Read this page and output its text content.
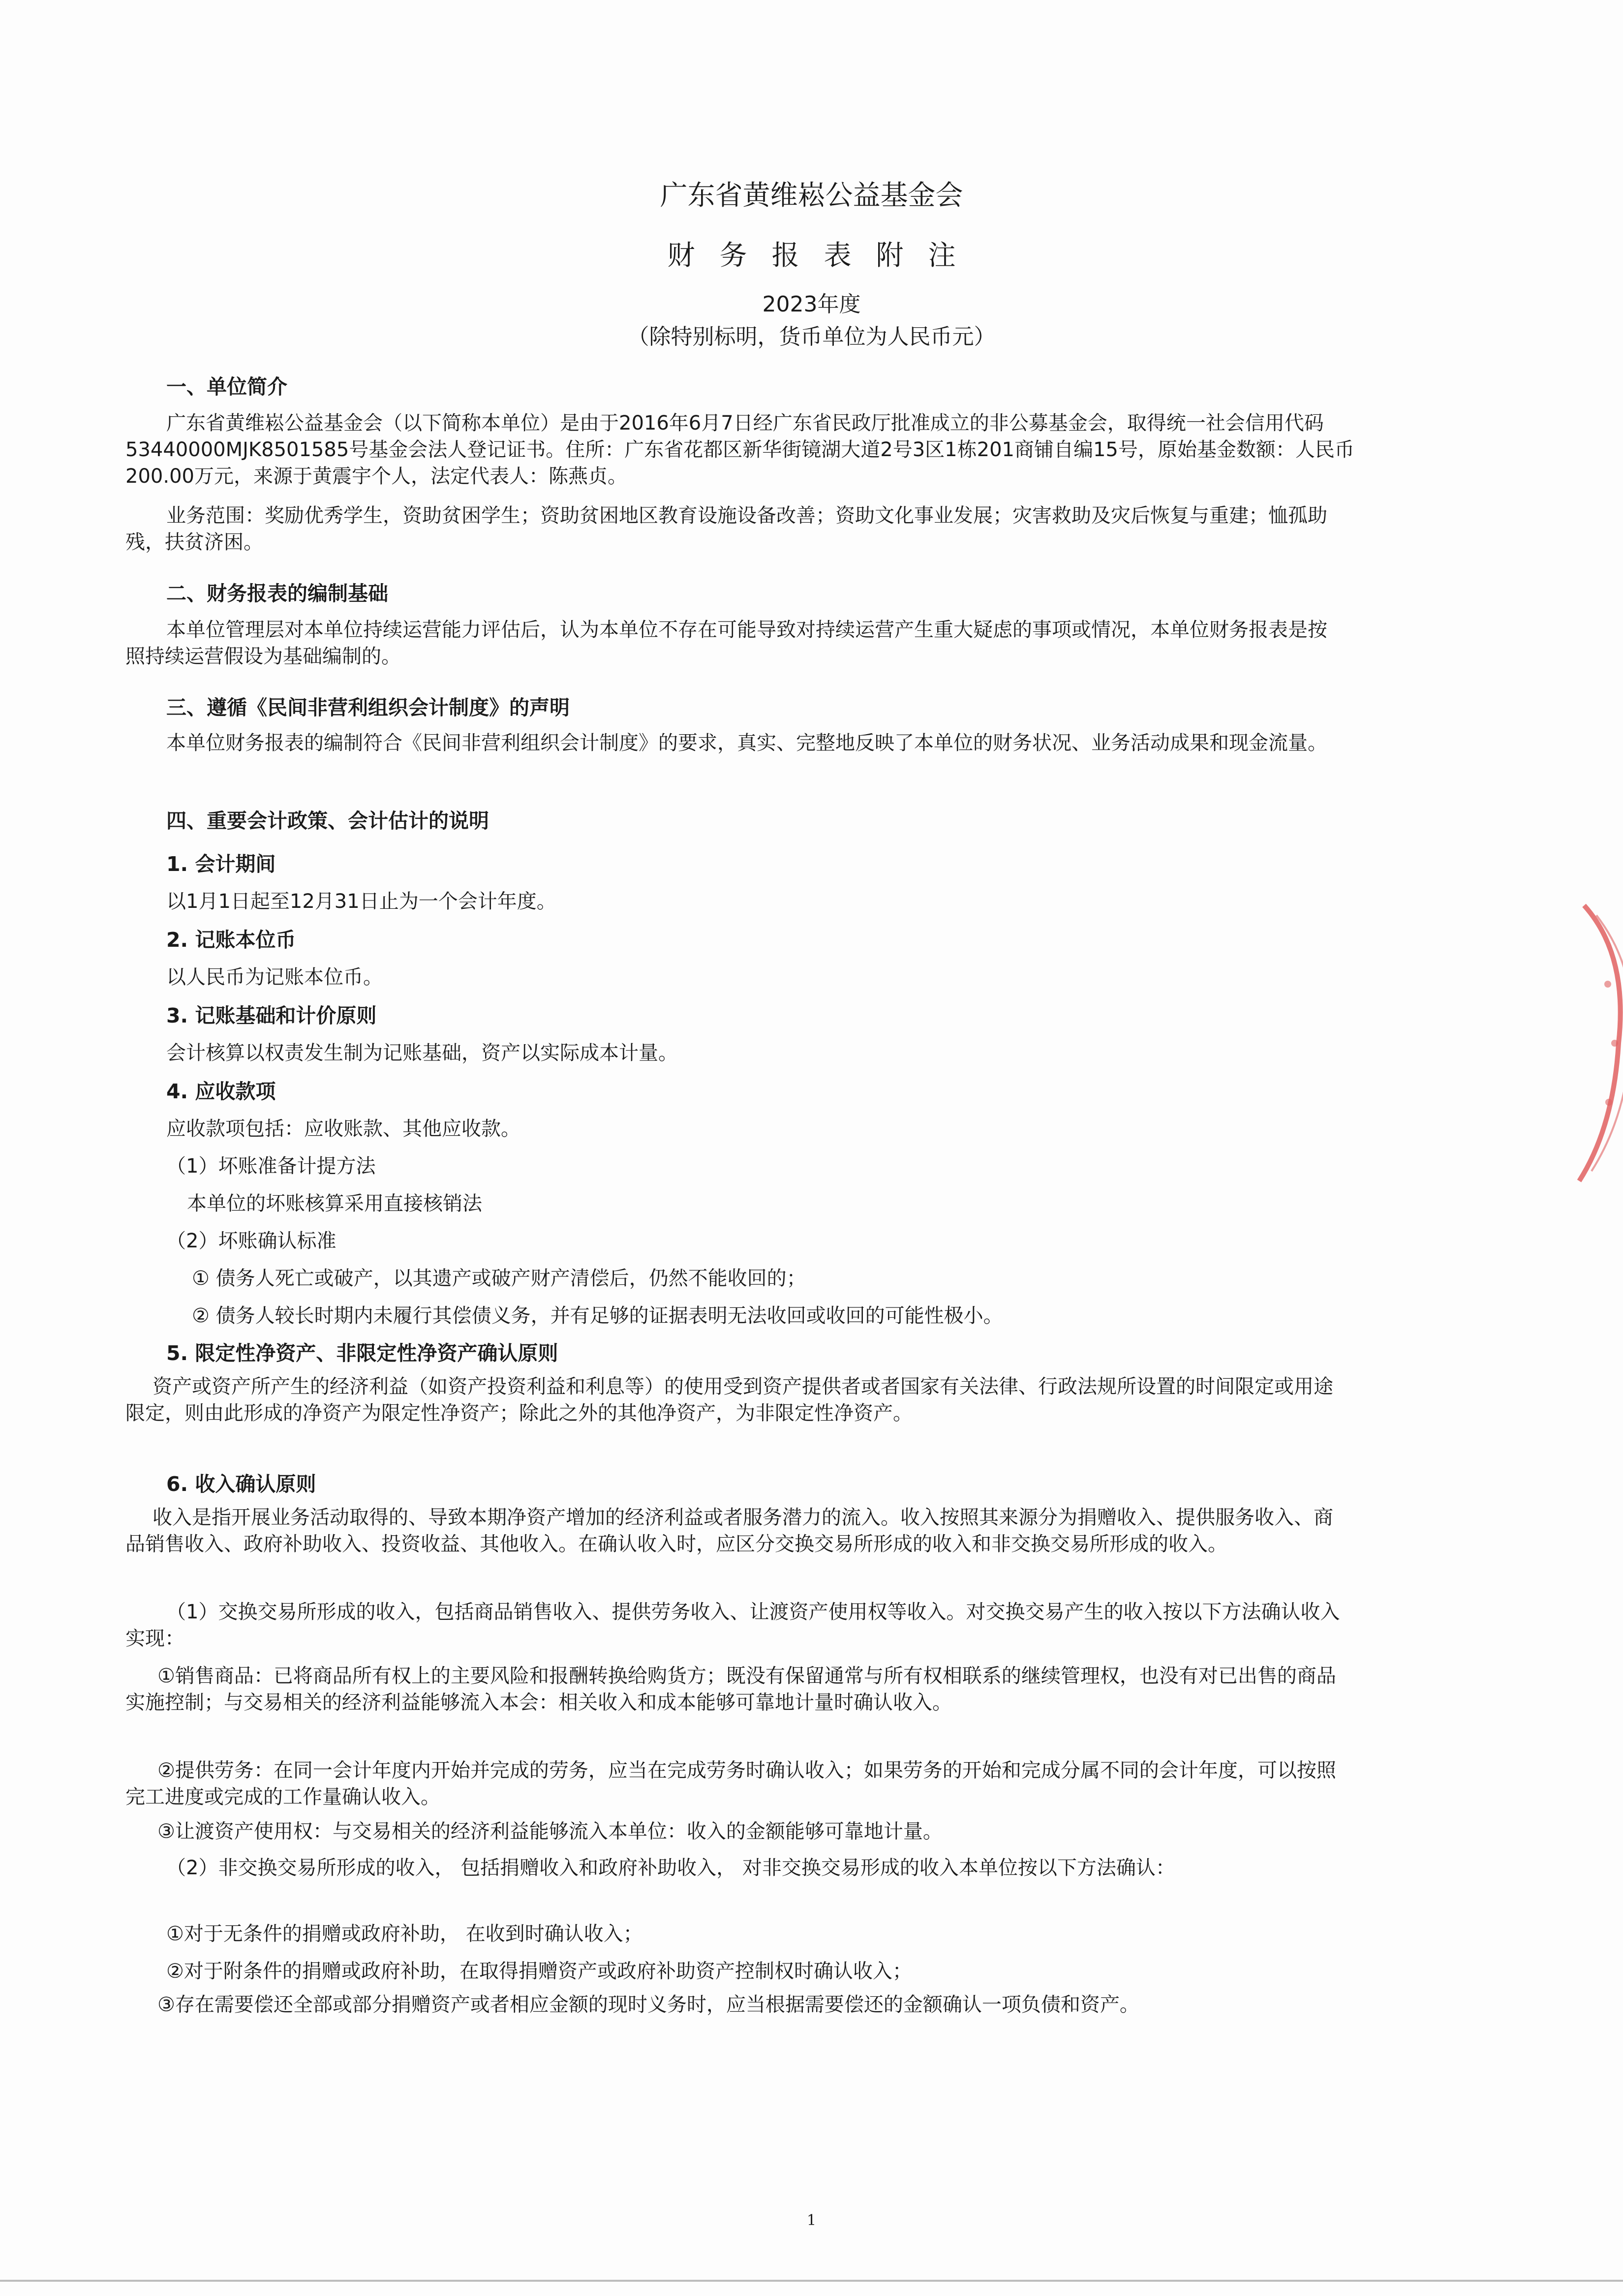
广东省黄维崧公益基金会
财务报表附注
2023年度
（除特别标明，货币单位为人民币元）
一、单位简介
广东省黄维崧公益基金会（以下简称本单位）是由于2016年6月7日经广东省民政厅批准成立的非公募基金会，取得统一社会信用代码
53440000MJK8501585号基金会法人登记证书。住所：广东省花都区新华街镜湖大道2号3区1栋201商铺自编15号，原始基金数额：人民币
200.00万元，来源于黄震宇个人，法定代表人：陈燕贞。
业务范围：奖励优秀学生，资助贫困学生；资助贫困地区教育设施设备改善；资助文化事业发展；灾害救助及灾后恢复与重建；恤孤助
残，扶贫济困。
二、财务报表的编制基础
本单位管理层对本单位持续运营能力评估后，认为本单位不存在可能导致对持续运营产生重大疑虑的事项或情况，本单位财务报表是按
照持续运营假设为基础编制的。
三、遵循《民间非营利组织会计制度》的声明
本单位财务报表的编制符合《民间非营利组织会计制度》的要求，真实、完整地反映了本单位的财务状况、业务活动成果和现金流量。
四、重要会计政策、会计估计的说明
1. 会计期间
以1月1日起至12月31日止为一个会计年度。
2. 记账本位币
以人民币为记账本位币。
3. 记账基础和计价原则
会计核算以权责发生制为记账基础，资产以实际成本计量。
4. 应收款项
应收款项包括：应收账款、其他应收款。
（1）坏账准备计提方法
本单位的坏账核算采用直接核销法
（2）坏账确认标准
① 债务人死亡或破产，以其遗产或破产财产清偿后，仍然不能收回的；
② 债务人较长时期内未履行其偿债义务，并有足够的证据表明无法收回或收回的可能性极小。
5. 限定性净资产、非限定性净资产确认原则
资产或资产所产生的经济利益（如资产投资利益和利息等）的使用受到资产提供者或者国家有关法律、行政法规所设置的时间限定或用途
限定，则由此形成的净资产为限定性净资产；除此之外的其他净资产，为非限定性净资产。
6. 收入确认原则
收入是指开展业务活动取得的、导致本期净资产增加的经济利益或者服务潜力的流入。收入按照其来源分为捐赠收入、提供服务收入、商
品销售收入、政府补助收入、投资收益、其他收入。在确认收入时，应区分交换交易所形成的收入和非交换交易所形成的收入。
（1）交换交易所形成的收入，包括商品销售收入、提供劳务收入、让渡资产使用权等收入。对交换交易产生的收入按以下方法确认收入
实现：
①销售商品：已将商品所有权上的主要风险和报酬转换给购货方；既没有保留通常与所有权相联系的继续管理权，也没有对已出售的商品
实施控制；与交易相关的经济利益能够流入本会：相关收入和成本能够可靠地计量时确认收入。
②提供劳务：在同一会计年度内开始并完成的劳务，应当在完成劳务时确认收入；如果劳务的开始和完成分属不同的会计年度，可以按照
完工进度或完成的工作量确认收入。
③让渡资产使用权：与交易相关的经济利益能够流入本单位：收入的金额能够可靠地计量。
（2）非交换交易所形成的收入， 包括捐赠收入和政府补助收入， 对非交换交易形成的收入本单位按以下方法确认：
①对于无条件的捐赠或政府补助， 在收到时确认收入；
②对于附条件的捐赠或政府补助，在取得捐赠资产或政府补助资产控制权时确认收入；
③存在需要偿还全部或部分捐赠资产或者相应金额的现时义务时，应当根据需要偿还的金额确认一项负债和资产。
1
